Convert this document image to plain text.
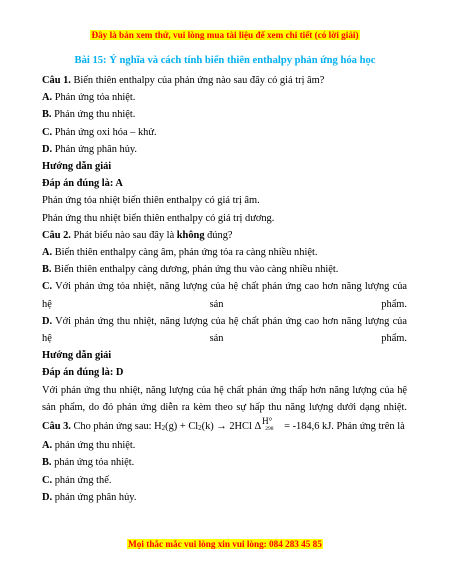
Đây là bản xem thử, vui lòng mua tài liệu để xem chi tiết (có lời giải)
Bài 15: Ý nghĩa và cách tính biến thiên enthalpy phản ứng hóa học

Câu 1. Biến thiên enthalpy của phản ứng nào sau đây có giá trị âm?

A. Phản ứng tỏa nhiệt.

B. Phản ứng thu nhiệt.

C. Phản ứng oxi hóa – khử.

D. Phản ứng phân hủy.

Hướng dẫn giải

Đáp án đúng là: A

Phản ứng tỏa nhiệt biến thiên enthalpy có giá trị âm.

Phản ứng thu nhiệt biến thiên enthalpy có giá trị dương.

Câu 2. Phát biểu nào sau đây là không đúng?

A. Biến thiên enthalpy càng âm, phản ứng tỏa ra càng nhiều nhiệt.

B. Biến thiên enthalpy càng dương, phản ứng thu vào càng nhiều nhiệt.

C. Với phản ứng tỏa nhiệt, năng lượng của hệ chất phản ứng cao hơn năng lượng của hệ sản phẩm.

D. Với phản ứng thu nhiệt, năng lượng của hệ chất phản ứng cao hơn năng lượng của hệ sản phẩm.

Hướng dẫn giải

Đáp án đúng là: D

Với phản ứng thu nhiệt, năng lượng của hệ chất phản ứng thấp hơn năng lượng của hệ sản phẩm, do đó phản ứng diễn ra kèm theo sự hấp thu năng lượng dưới dạng nhiệt.

Câu 3. Cho phản ứng sau: H2(g) + Cl2(k) → 2HCl ΔH°298 = -184,6 kJ. Phản ứng trên là

A. phản ứng thu nhiệt.

B. phản ứng tỏa nhiệt.

C. phản ứng thế.

D. phản ứng phân hủy.

Mọi thắc mắc vui lòng xin vui lòng: 084 283 45 85
